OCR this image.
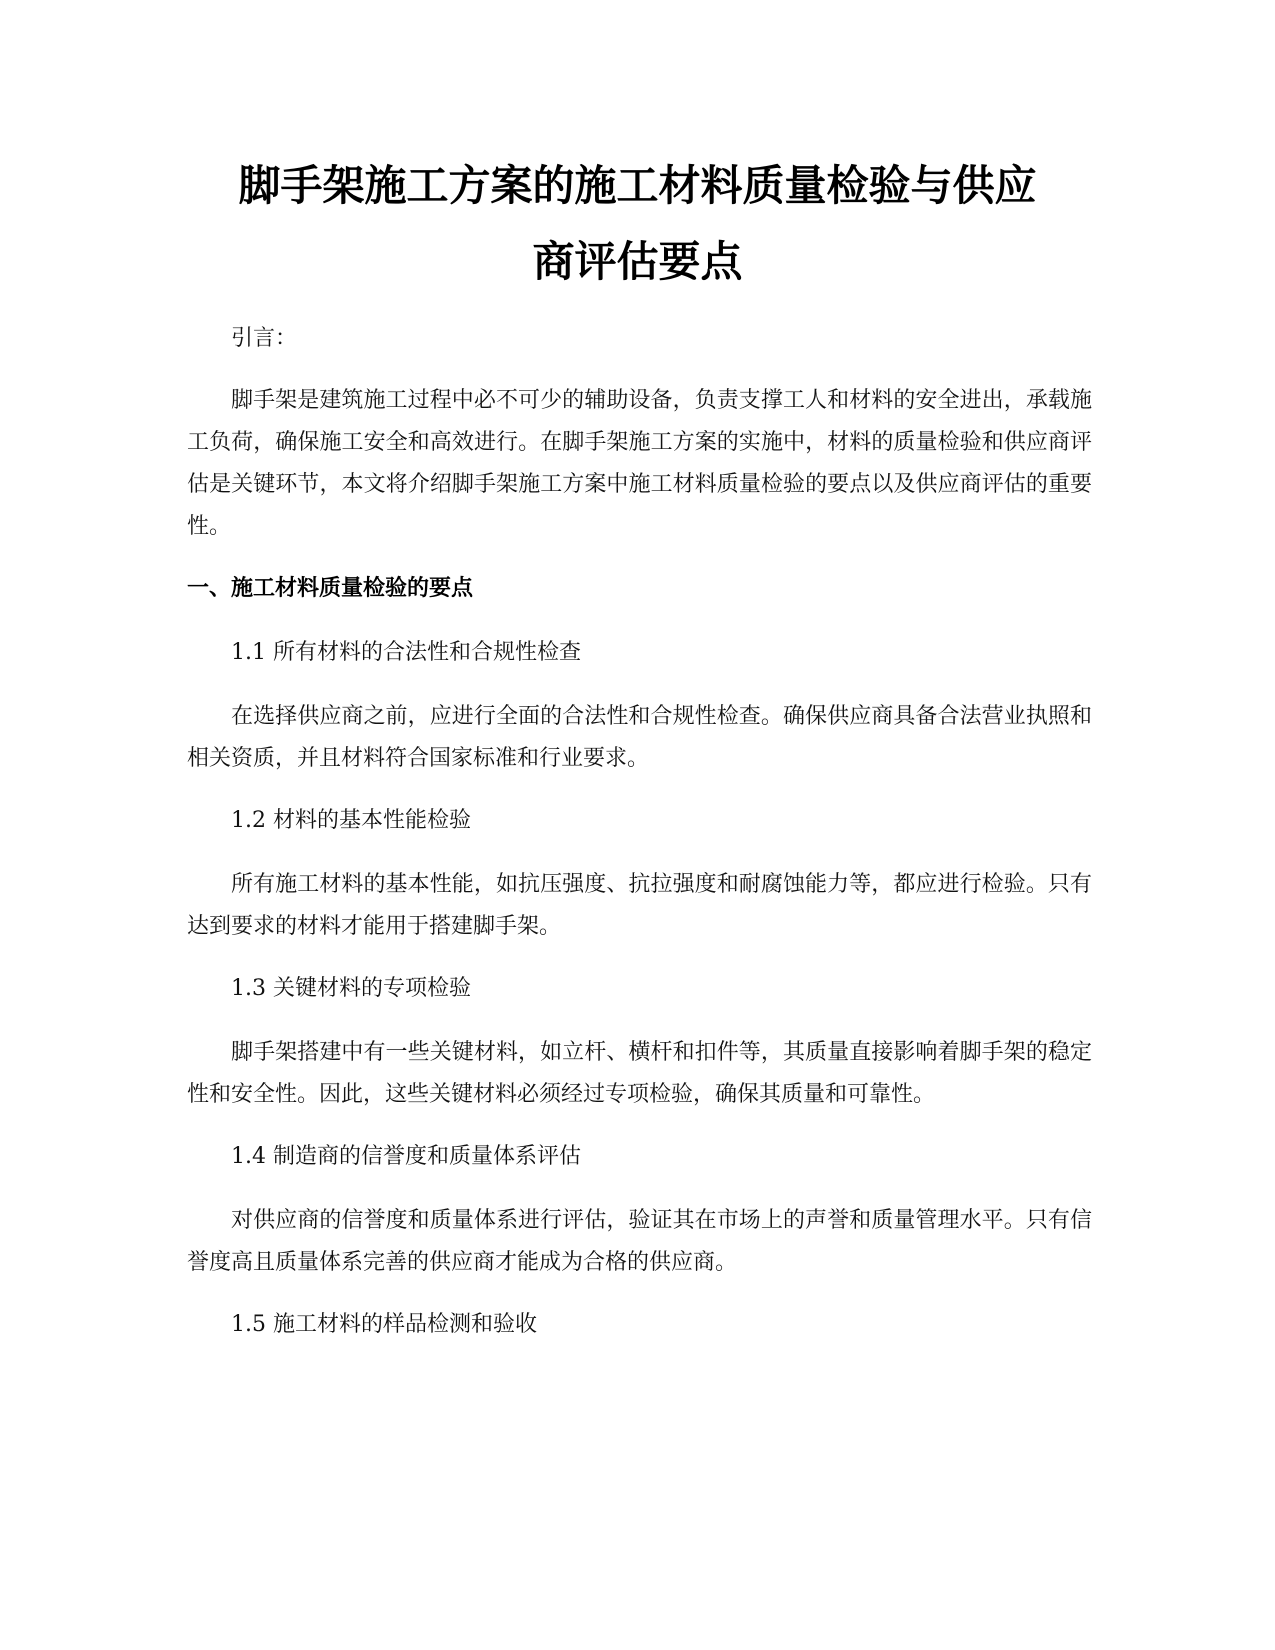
脚手架施工方案的施工材料质量检验与供应
商评估要点

引言：

脚手架是建筑施工过程中必不可少的辅助设备，负责支撑工人和材料的安全进出，承载施工负荷，确保施工安全和高效进行。在脚手架施工方案的实施中，材料的质量检验和供应商评估是关键环节，本文将介绍脚手架施工方案中施工材料质量检验的要点以及供应商评估的重要性。

一、施工材料质量检验的要点

1.1 所有材料的合法性和合规性检查

在选择供应商之前，应进行全面的合法性和合规性检查。确保供应商具备合法营业执照和相关资质，并且材料符合国家标准和行业要求。

1.2 材料的基本性能检验

所有施工材料的基本性能，如抗压强度、抗拉强度和耐腐蚀能力等，都应进行检验。只有达到要求的材料才能用于搭建脚手架。

1.3 关键材料的专项检验

脚手架搭建中有一些关键材料，如立杆、横杆和扣件等，其质量直接影响着脚手架的稳定性和安全性。因此，这些关键材料必须经过专项检验，确保其质量和可靠性。

1.4 制造商的信誉度和质量体系评估

对供应商的信誉度和质量体系进行评估，验证其在市场上的声誉和质量管理水平。只有信誉度高且质量体系完善的供应商才能成为合格的供应商。

1.5 施工材料的样品检测和验收
